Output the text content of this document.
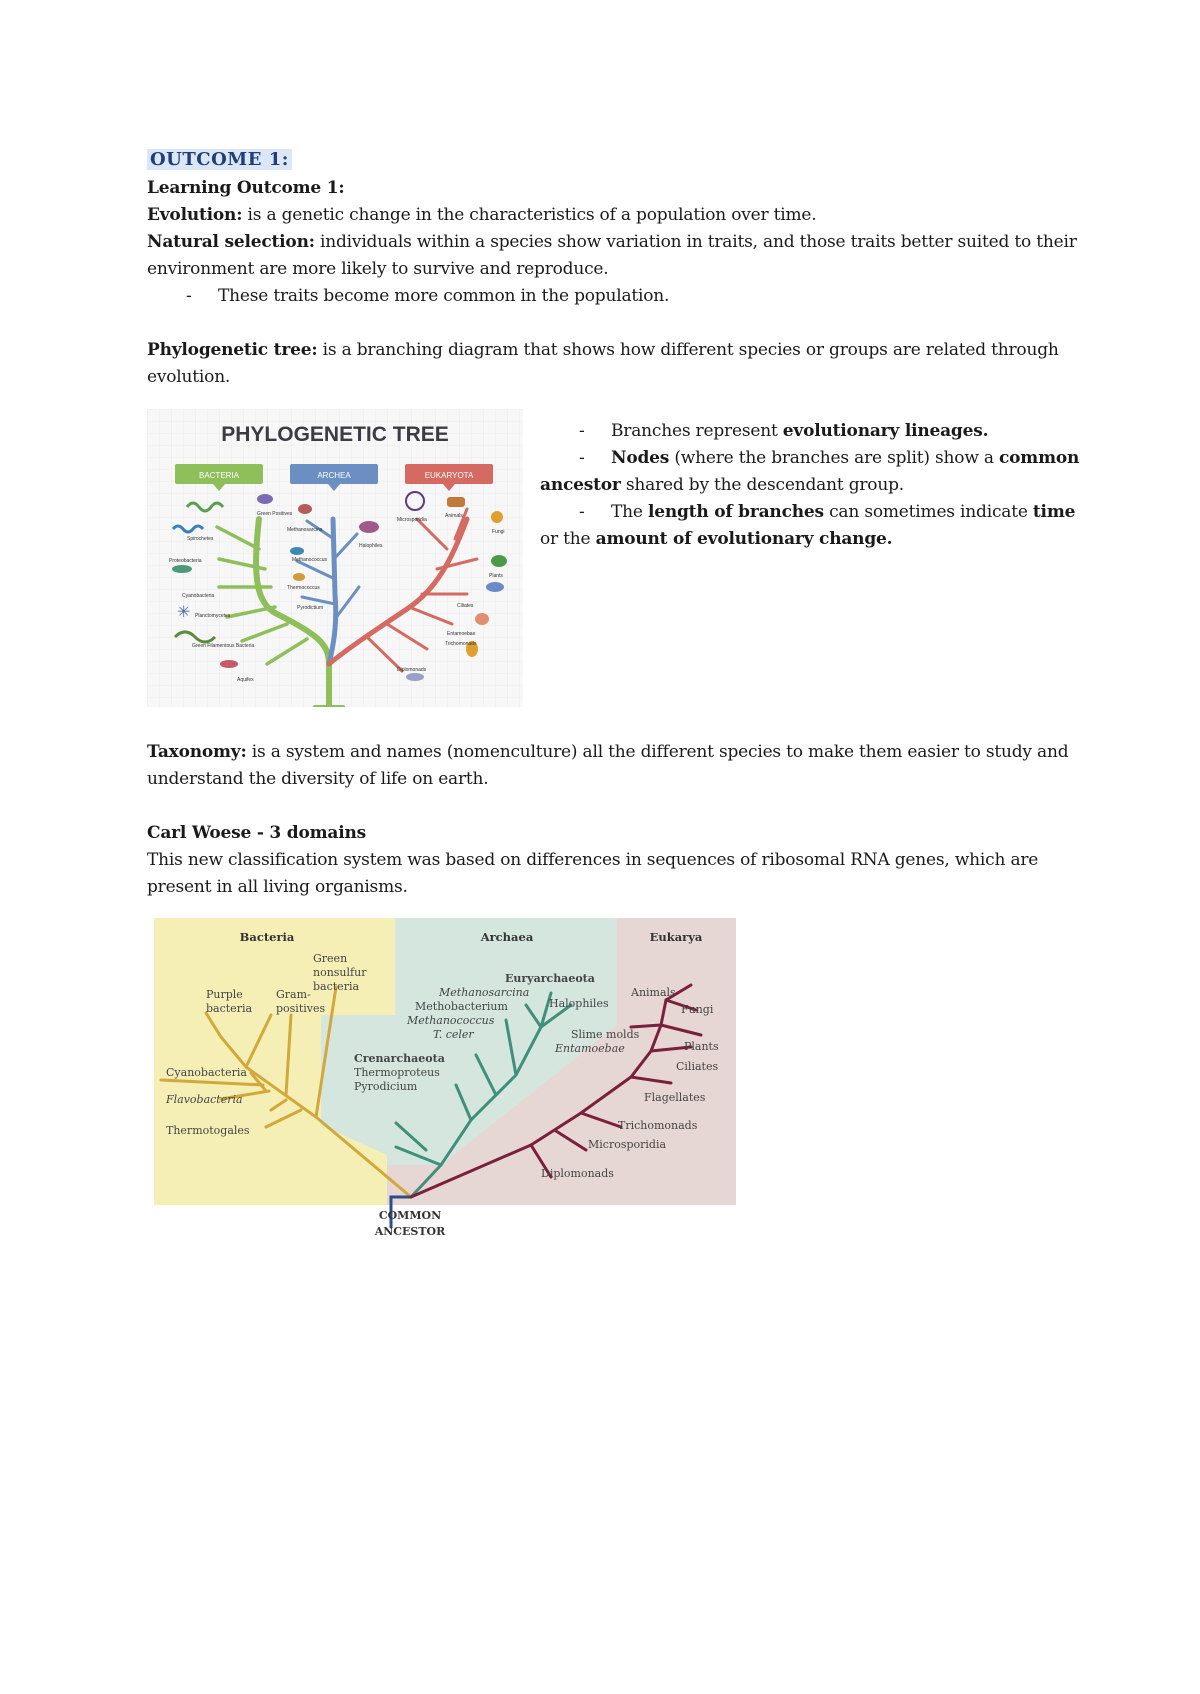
OUTCOME 1:
Learning Outcome 1:
Evolution: is a genetic change in the characteristics of a population over time.
Natural selection: individuals within a species show variation in traits, and those traits better suited to their
environment are more likely to survive and reproduce.
- These traits become more common in the population.
Phylogenetic tree: is a branching diagram that shows how different species or groups are related through
evolution.
PHYLOGENETIC TREE
BACTERIA	ARCHEA	EUKARYOTA
✳
Green Positives
Spirochetes
Proteobacteria
Cyanobacteria
Planctomycetes
Green Filamentous Bacteria
Aquifex
Methanosarcina
Methanococcus
Halophiles
Thermococcus
Pyrodictium
Microsporidia
Animals
Fungi
Plants
Ciliates
Entamoebae
Trichomonads
Diplomonads
- Branches represent evolutionary lineages.
- Nodes (where the branches are split) show a common
ancestor shared by the descendant group.
- The length of branches can sometimes indicate time
or the amount of evolutionary change.
Taxonomy: is a system and names (nomenculture) all the different species to make them easier to study and
understand the diversity of life on earth.
Carl Woese - 3 domains
This new classification system was based on differences in sequences of ribosomal RNA genes, which are
present in all living organisms.
Bacteria	Archaea	Eukarya
Green
nonsulfur
bacteria
Purple
bacteria
Gram-
positives
Cyanobacteria
Flavobacteria
Thermotogales
Euryarchaeota
Methanosarcina
Methobacterium	Halophiles
Methanococcus
T. celer
Crenarchaeota
Thermoproteus
Pyrodicium
Animals
Fungi
Slime molds
Entamoebae	Plants
Ciliates
Flagellates
Trichomonads
Microsporidia
Diplomonads
COMMON
ANCESTOR
